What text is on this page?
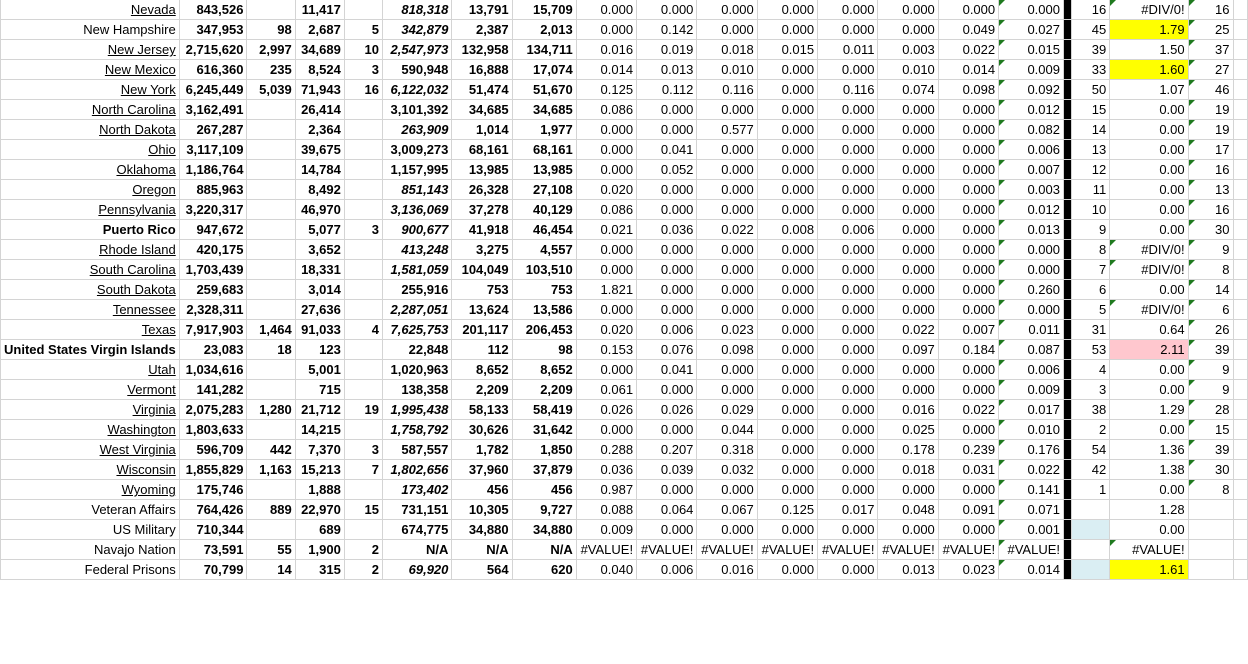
Nevada	843,526		11,417		818,318	13,791	15,709	0.000	0.000	0.000	0.000	0.000	0.000	0.000	0.000		16	#DIV/0!	16	
New Hampshire	347,953	98	2,687	5	342,879	2,387	2,013	0.000	0.142	0.000	0.000	0.000	0.000	0.049	0.027		45	1.79	25	
New Jersey	2,715,620	2,997	34,689	10	2,547,973	132,958	134,711	0.016	0.019	0.018	0.015	0.011	0.003	0.022	0.015		39	1.50	37	
New Mexico	616,360	235	8,524	3	590,948	16,888	17,074	0.014	0.013	0.010	0.000	0.000	0.010	0.014	0.009		33	1.60	27	
New York	6,245,449	5,039	71,943	16	6,122,032	51,474	51,670	0.125	0.112	0.116	0.000	0.116	0.074	0.098	0.092		50	1.07	46	
North Carolina	3,162,491		26,414		3,101,392	34,685	34,685	0.086	0.000	0.000	0.000	0.000	0.000	0.000	0.012		15	0.00	19	
North Dakota	267,287		2,364		263,909	1,014	1,977	0.000	0.000	0.577	0.000	0.000	0.000	0.000	0.082		14	0.00	19	
Ohio	3,117,109		39,675		3,009,273	68,161	68,161	0.000	0.041	0.000	0.000	0.000	0.000	0.000	0.006		13	0.00	17	
Oklahoma	1,186,764		14,784		1,157,995	13,985	13,985	0.000	0.052	0.000	0.000	0.000	0.000	0.000	0.007		12	0.00	16	
Oregon	885,963		8,492		851,143	26,328	27,108	0.020	0.000	0.000	0.000	0.000	0.000	0.000	0.003		11	0.00	13	
Pennsylvania	3,220,317		46,970		3,136,069	37,278	40,129	0.086	0.000	0.000	0.000	0.000	0.000	0.000	0.012		10	0.00	16	
Puerto Rico	947,672		5,077	3	900,677	41,918	46,454	0.021	0.036	0.022	0.008	0.006	0.000	0.000	0.013		9	0.00	30	
Rhode Island	420,175		3,652		413,248	3,275	4,557	0.000	0.000	0.000	0.000	0.000	0.000	0.000	0.000		8	#DIV/0!	9	
South Carolina	1,703,439		18,331		1,581,059	104,049	103,510	0.000	0.000	0.000	0.000	0.000	0.000	0.000	0.000		7	#DIV/0!	8	
South Dakota	259,683		3,014		255,916	753	753	1.821	0.000	0.000	0.000	0.000	0.000	0.000	0.260		6	0.00	14	
Tennessee	2,328,311		27,636		2,287,051	13,624	13,586	0.000	0.000	0.000	0.000	0.000	0.000	0.000	0.000		5	#DIV/0!	6	
Texas	7,917,903	1,464	91,033	4	7,625,753	201,117	206,453	0.020	0.006	0.023	0.000	0.000	0.022	0.007	0.011		31	0.64	26	
United States Virgin Islands	23,083	18	123		22,848	112	98	0.153	0.076	0.098	0.000	0.000	0.097	0.184	0.087		53	2.11	39	
Utah	1,034,616		5,001		1,020,963	8,652	8,652	0.000	0.041	0.000	0.000	0.000	0.000	0.000	0.006		4	0.00	9	
Vermont	141,282		715		138,358	2,209	2,209	0.061	0.000	0.000	0.000	0.000	0.000	0.000	0.009		3	0.00	9	
Virginia	2,075,283	1,280	21,712	19	1,995,438	58,133	58,419	0.026	0.026	0.029	0.000	0.000	0.016	0.022	0.017		38	1.29	28	
Washington	1,803,633		14,215		1,758,792	30,626	31,642	0.000	0.000	0.044	0.000	0.000	0.025	0.000	0.010		2	0.00	15	
West Virginia	596,709	442	7,370	3	587,557	1,782	1,850	0.288	0.207	0.318	0.000	0.000	0.178	0.239	0.176		54	1.36	39	
Wisconsin	1,855,829	1,163	15,213	7	1,802,656	37,960	37,879	0.036	0.039	0.032	0.000	0.000	0.018	0.031	0.022		42	1.38	30	
Wyoming	175,746		1,888		173,402	456	456	0.987	0.000	0.000	0.000	0.000	0.000	0.000	0.141		1	0.00	8	
Veteran Affairs	764,426	889	22,970	15	731,151	10,305	9,727	0.088	0.064	0.067	0.125	0.017	0.048	0.091	0.071			1.28		
US Military	710,344		689		674,775	34,880	34,880	0.009	0.000	0.000	0.000	0.000	0.000	0.000	0.001			0.00		
Navajo Nation	73,591	55	1,900	2	N/A	N/A	N/A	#VALUE!	#VALUE!	#VALUE!	#VALUE!	#VALUE!	#VALUE!	#VALUE!	#VALUE!			#VALUE!		
Federal Prisons	70,799	14	315	2	69,920	564	620	0.040	0.006	0.016	0.000	0.000	0.013	0.023	0.014			1.61		
